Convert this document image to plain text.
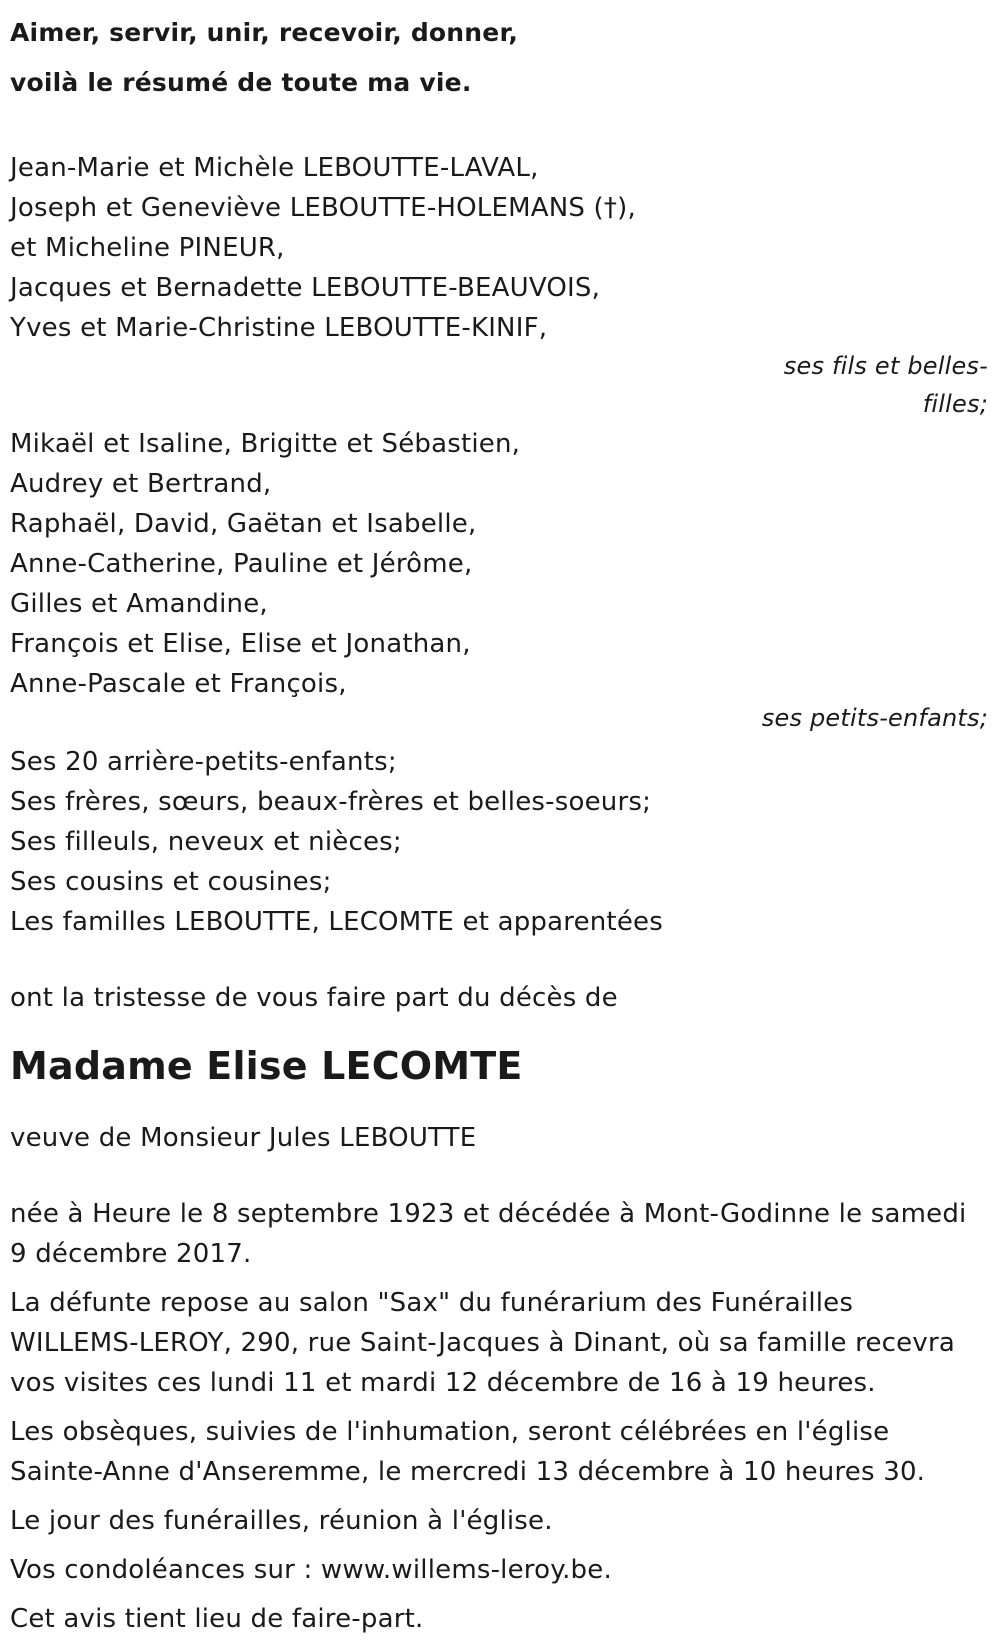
Aimer, servir, unir, recevoir, donner,
voilà le résumé de toute ma vie.
Jean-Marie et Michèle LEBOUTTE-LAVAL,
Joseph et Geneviève LEBOUTTE-HOLEMANS (†),
et Micheline PINEUR,
Jacques et Bernadette LEBOUTTE-BEAUVOIS,
Yves et Marie-Christine LEBOUTTE-KINIF,
ses fils et belles-
filles;
Mikaël et Isaline, Brigitte et Sébastien,
Audrey et Bertrand,
Raphaël, David, Gaëtan et Isabelle,
Anne-Catherine, Pauline et Jérôme,
Gilles et Amandine,
François et Elise, Elise et Jonathan,
Anne-Pascale et François,
ses petits-enfants;
Ses 20 arrière-petits-enfants;
Ses frères, sœurs, beaux-frères et belles-soeurs;
Ses filleuls, neveux et nièces;
Ses cousins et cousines;
Les familles LEBOUTTE, LECOMTE et apparentées
ont la tristesse de vous faire part du décès de
Madame Elise LECOMTE
veuve de Monsieur Jules LEBOUTTE
née à Heure le 8 septembre 1923 et décédée à Mont-Godinne le samedi 9 décembre 2017.
La défunte repose au salon "Sax" du funérarium des Funérailles WILLEMS-LEROY, 290, rue Saint-Jacques à Dinant, où sa famille recevra vos visites ces lundi 11 et mardi 12 décembre de 16 à 19 heures.
Les obsèques, suivies de l'inhumation, seront célébrées en l'église Sainte-Anne d'Anseremme, le mercredi 13 décembre à 10 heures 30.
Le jour des funérailles, réunion à l'église.
Vos condoléances sur : www.willems-leroy.be.
Cet avis tient lieu de faire-part.
